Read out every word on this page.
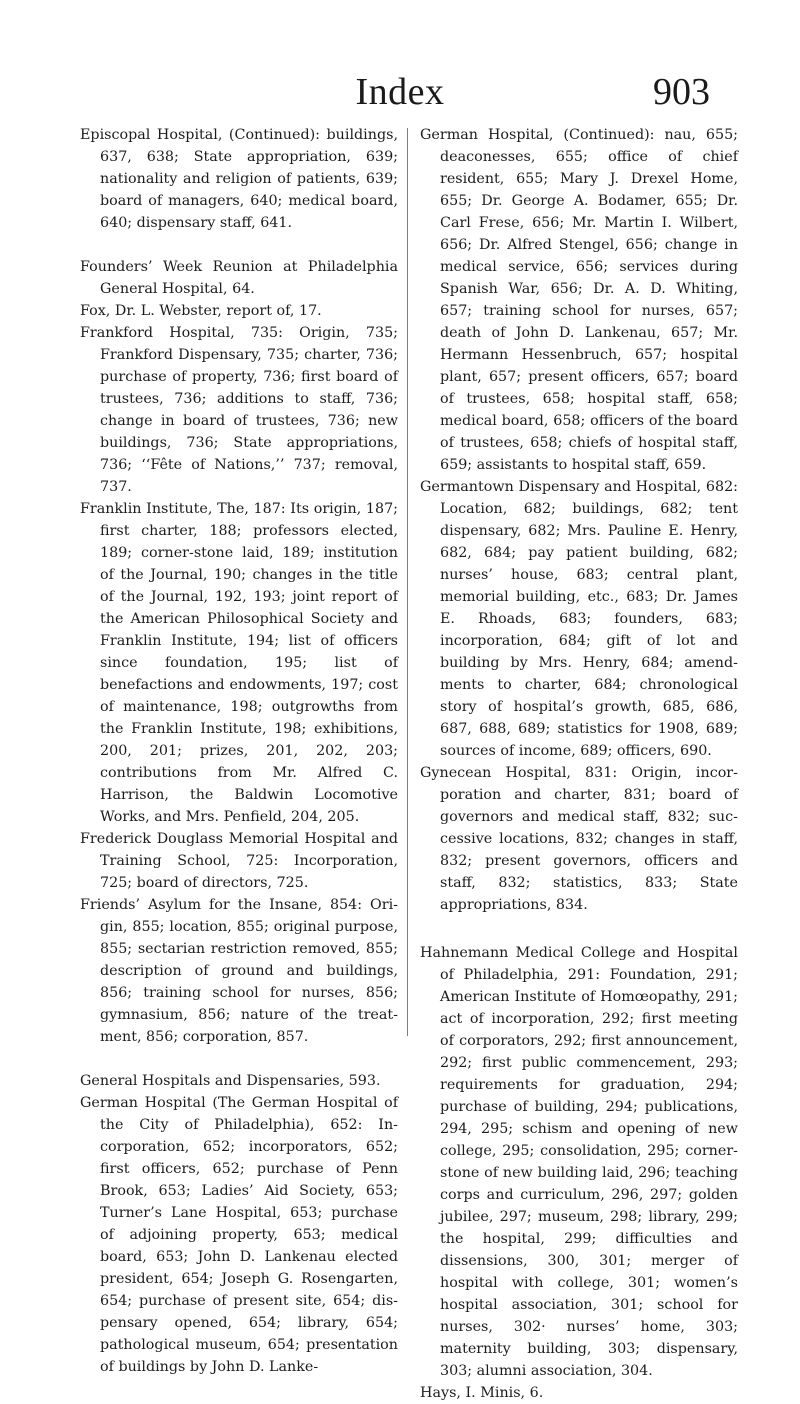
Index	903

Episcopal Hospital, (Continued): buildings, 637, 638; State appropriation, 639; nationality and religion of patients, 639; board of managers, 640; medical board, 640; dispensary staff, 641.

Founders’ Week Reunion at Philadelphia General Hospital, 64.

Fox, Dr. L. Webster, report of, 17.

Frankford Hospital, 735: Origin, 735; Frankford Dispensary, 735; charter, 736; purchase of property, 736; first board of trustees, 736; additions to staff, 736; change in board of trustees, 736; new buildings, 736; State appropriations, 736; ‘‘Fête of Nations,’’ 737; removal, 737.

Franklin Institute, The, 187: Its origin, 187; first charter, 188; professors elected, 189; corner-stone laid, 189; institution of the Journal, 190; changes in the title of the Journal, 192, 193; joint report of the American Philosophical Society and Franklin Institute, 194; list of officers since foundation, 195; list of benefactions and endowments, 197; cost of maintenance, 198; outgrowths from the Franklin Institute, 198; exhibitions, 200, 201; prizes, 201, 202, 203; contributions from Mr. Alfred C. Harrison, the Baldwin Locomotive Works, and Mrs. Penfield, 204, 205.

Frederick Douglass Memorial Hospital and Training School, 725: Incorporation, 725; board of directors, 725.

Friends’ Asylum for the Insane, 854: Origin, 855; location, 855; original purpose, 855; sectarian restriction removed, 855; description of ground and buildings, 856; training school for nurses, 856; gymnasium, 856; nature of the treatment, 856; corporation, 857.

General Hospitals and Dispensaries, 593.

German Hospital (The German Hospital of the City of Philadelphia), 652: Incorporation, 652; incorporators, 652; first officers, 652; purchase of Penn Brook, 653; Ladies’ Aid Society, 653; Turner’s Lane Hospital, 653; purchase of adjoining property, 653; medical board, 653; John D. Lankenau elected president, 654; Joseph G. Rosengarten, 654; purchase of present site, 654; dispensary opened, 654; library, 654; pathological museum, 654; presentation of buildings by John D. Lanke-

German Hospital, (Continued): nau, 655; deaconesses, 655; office of chief resident, 655; Mary J. Drexel Home, 655; Dr. George A. Bodamer, 655; Dr. Carl Frese, 656; Mr. Martin I. Wilbert, 656; Dr. Alfred Stengel, 656; change in medical service, 656; services during Spanish War, 656; Dr. A. D. Whiting, 657; training school for nurses, 657; death of John D. Lankenau, 657; Mr. Hermann Hessenbruch, 657; hospital plant, 657; present officers, 657; board of trustees, 658; hospital staff, 658; medical board, 658; officers of the board of trustees, 658; chiefs of hospital staff, 659; assistants to hospital staff, 659.

Germantown Dispensary and Hospital, 682: Location, 682; buildings, 682; tent dispensary, 682; Mrs. Pauline E. Henry, 682, 684; pay patient building, 682; nurses’ house, 683; central plant, memorial building, etc., 683; Dr. James E. Rhoads, 683; founders, 683; incorporation, 684; gift of lot and building by Mrs. Henry, 684; amendments to charter, 684; chronological story of hospital’s growth, 685, 686, 687, 688, 689; statistics for 1908, 689; sources of income, 689; officers, 690.

Gynecean Hospital, 831: Origin, incorporation and charter, 831; board of governors and medical staff, 832; successive locations, 832; changes in staff, 832; present governors, officers and staff, 832; statistics, 833; State appropriations, 834.

Hahnemann Medical College and Hospital of Philadelphia, 291: Foundation, 291; American Institute of Homœopathy, 291; act of incorporation, 292; first meeting of corporators, 292; first announcement, 292; first public commencement, 293; requirements for graduation, 294; purchase of building, 294; publications, 294, 295; schism and opening of new college, 295; consolidation, 295; corner-stone of new building laid, 296; teaching corps and curriculum, 296, 297; golden jubilee, 297; museum, 298; library, 299; the hospital, 299; difficulties and dissensions, 300, 301; merger of hospital with college, 301; women’s hospital association, 301; school for nurses, 302· nurses’ home, 303; maternity building, 303; dispensary, 303; alumni association, 304.

Hays, I. Minis, 6.
